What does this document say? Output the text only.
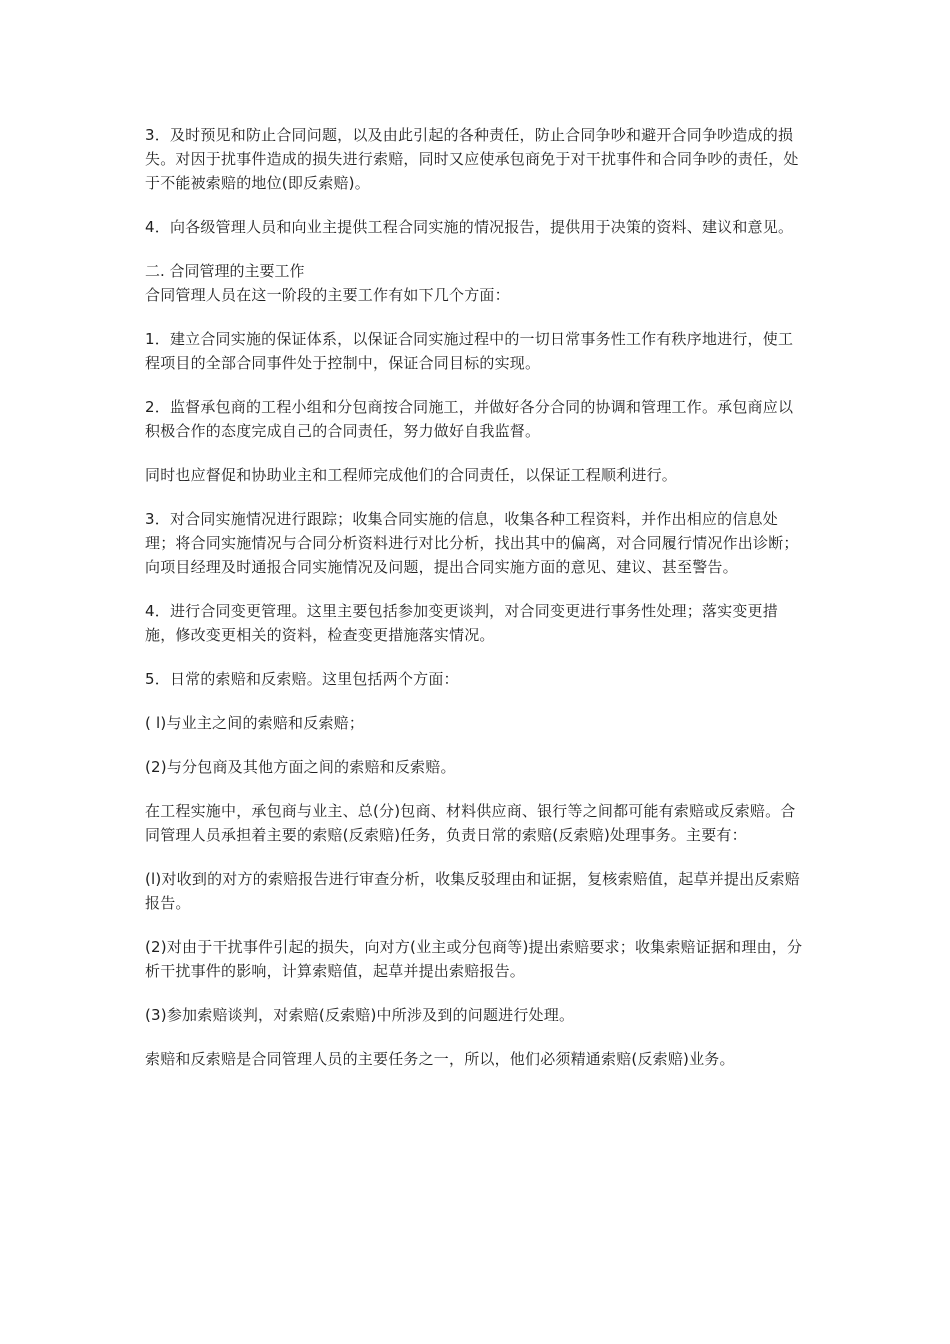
3．及时预见和防止合同问题，以及由此引起的各种责任，防止合同争吵和避开合同争吵造成的损失。对因于扰事件造成的损失进行索赔，同时又应使承包商免于对干扰事件和合同争吵的责任，处于不能被索赔的地位(即反索赔)。

4．向各级管理人员和向业主提供工程合同实施的情况报告，提供用于决策的资料、建议和意见。

二. 合同管理的主要工作

合同管理人员在这一阶段的主要工作有如下几个方面：

1．建立合同实施的保证体系，以保证合同实施过程中的一切日常事务性工作有秩序地进行，使工程项目的全部合同事件处于控制中，保证合同目标的实现。

2．监督承包商的工程小组和分包商按合同施工，并做好各分合同的协调和管理工作。承包商应以积极合作的态度完成自己的合同责任，努力做好自我监督。

同时也应督促和协助业主和工程师完成他们的合同责任，以保证工程顺利进行。

3．对合同实施情况进行跟踪；收集合同实施的信息，收集各种工程资料，并作出相应的信息处理；将合同实施情况与合同分析资料进行对比分析，找出其中的偏离，对合同履行情况作出诊断；向项目经理及时通报合同实施情况及问题，提出合同实施方面的意见、建议、甚至警告。

4．进行合同变更管理。这里主要包括参加变更谈判，对合同变更进行事务性处理；落实变更措施，修改变更相关的资料，检查变更措施落实情况。

5．日常的索赔和反索赔。这里包括两个方面：

( l)与业主之间的索赔和反索赔；

(2)与分包商及其他方面之间的索赔和反索赔。

在工程实施中，承包商与业主、总(分)包商、材料供应商、银行等之间都可能有索赔或反索赔。合同管理人员承担着主要的索赔(反索赔)任务，负责日常的索赔(反索赔)处理事务。主要有：

(l)对收到的对方的索赔报告进行审查分析，收集反驳理由和证据，复核索赔值，起草并提出反索赔报告。

(2)对由于干扰事件引起的损失，向对方(业主或分包商等)提出索赔要求；收集索赔证据和理由，分析干扰事件的影响，计算索赔值，起草并提出索赔报告。

(3)参加索赔谈判，对索赔(反索赔)中所涉及到的问题进行处理。

索赔和反索赔是合同管理人员的主要任务之一，所以，他们必须精通索赔(反索赔)业务。
